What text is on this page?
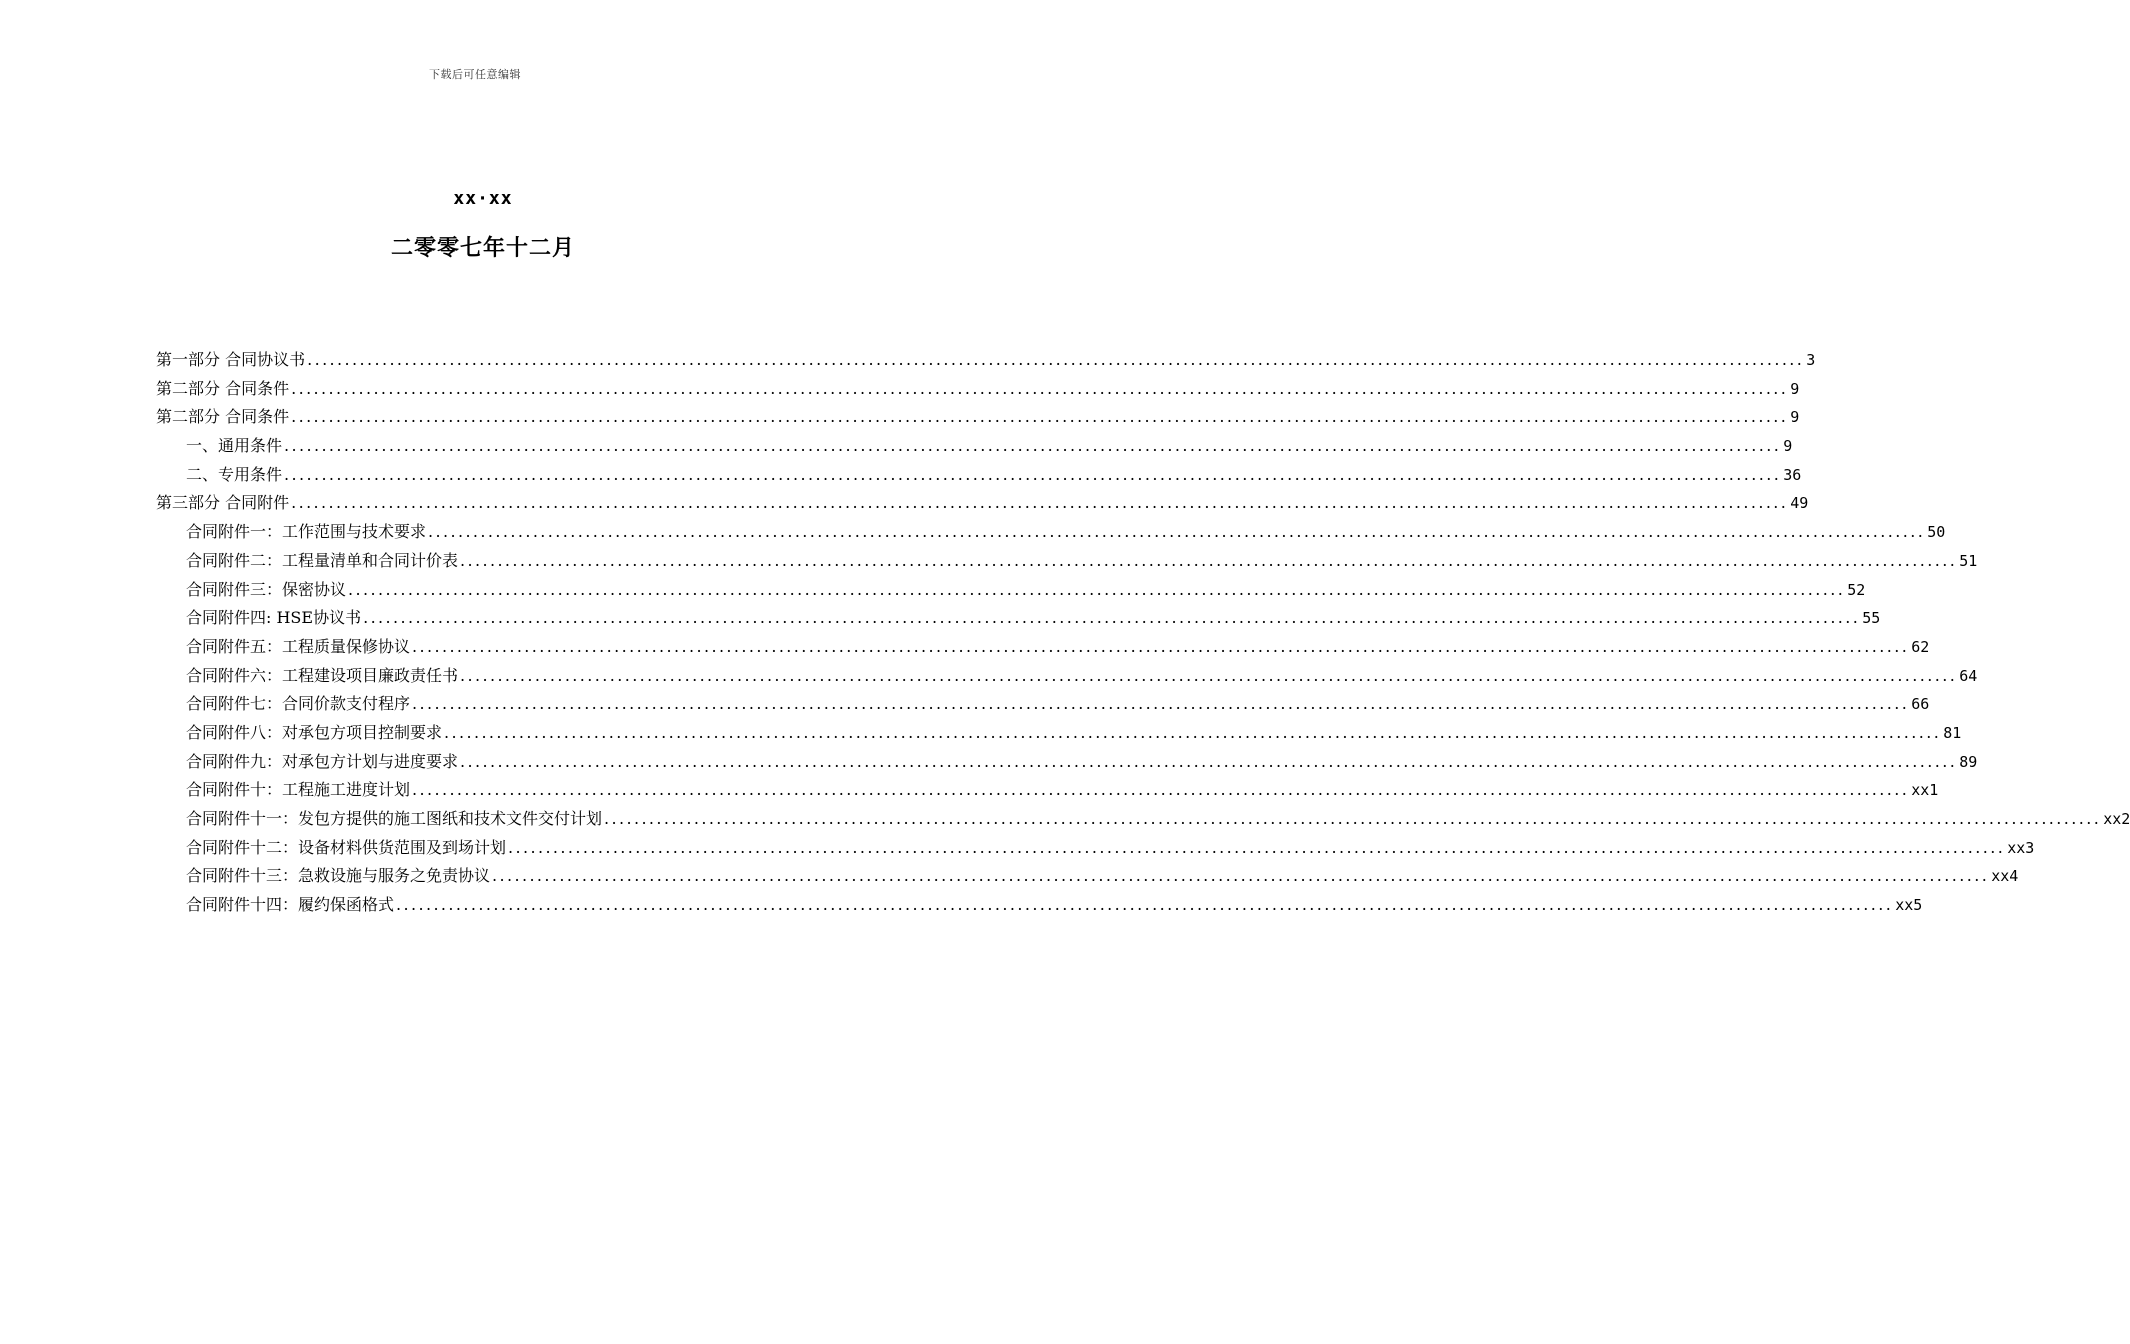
下载后可任意编辑
xx·xx
二零零七年十二月
第一部分 合同协议书 ........................................................................................................................................................................................................ 3
第二部分 合同条件 ........................................................................................................................................................................................................ 9
第二部分 合同条件 ........................................................................................................................................................................................................ 9
一、通用条件 ........................................................................................................................................................................................................ 9
二、专用条件 ........................................................................................................................................................................................................ 36
第三部分 合同附件 ........................................................................................................................................................................................................ 49
合同附件一：工作范围与技术要求 ........................................................................................................................................................................................................ 50
合同附件二：工程量清单和合同计价表 ........................................................................................................................................................................................................ 51
合同附件三：保密协议 ........................................................................................................................................................................................................ 52
合同附件四: HSE协议书 ........................................................................................................................................................................................................ 55
合同附件五：工程质量保修协议 ........................................................................................................................................................................................................ 62
合同附件六：工程建设项目廉政责任书 ........................................................................................................................................................................................................ 64
合同附件七：合同价款支付程序 ........................................................................................................................................................................................................ 66
合同附件八：对承包方项目控制要求 ........................................................................................................................................................................................................ 81
合同附件九：对承包方计划与进度要求 ........................................................................................................................................................................................................ 89
合同附件十：工程施工进度计划 ........................................................................................................................................................................................................ xx1
合同附件十一：发包方提供的施工图纸和技术文件交付计划 ........................................................................................................................................................................................................ xx2
合同附件十二：设备材料供货范围及到场计划 ........................................................................................................................................................................................................ xx3
合同附件十三：急救设施与服务之免责协议 ........................................................................................................................................................................................................ xx4
合同附件十四：履约保函格式 ........................................................................................................................................................................................................ xx5
